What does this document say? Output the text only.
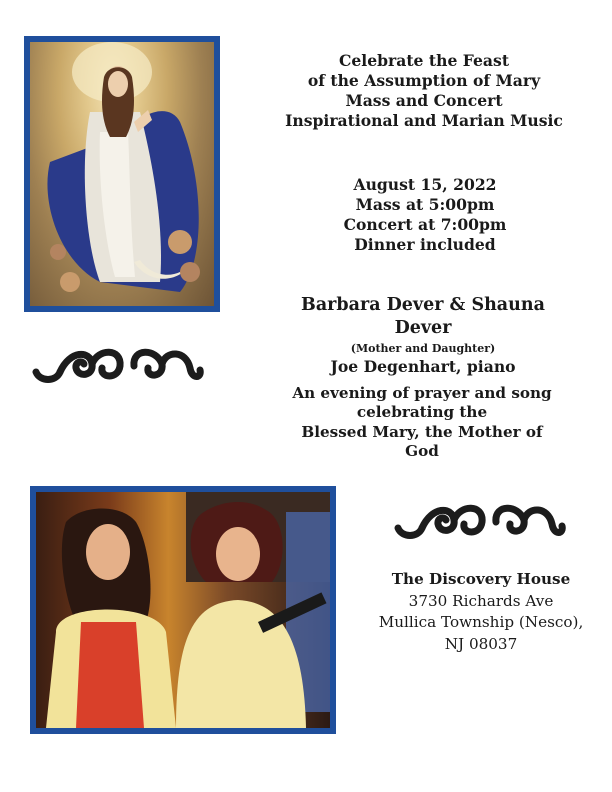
Celebrate the Feast
of the Assumption of Mary
Mass and Concert
Inspirational and Marian Music
August 15, 2022
Mass at 5:00pm
Concert at 7:00pm
Dinner included
Barbara Dever & Shauna Dever
(Mother and Daughter)
Joe Degenhart, piano
An evening of prayer and song
celebrating the
Blessed Mary, the Mother of God
The Discovery House
3730 Richards Ave
Mullica Township (Nesco),
NJ 08037
